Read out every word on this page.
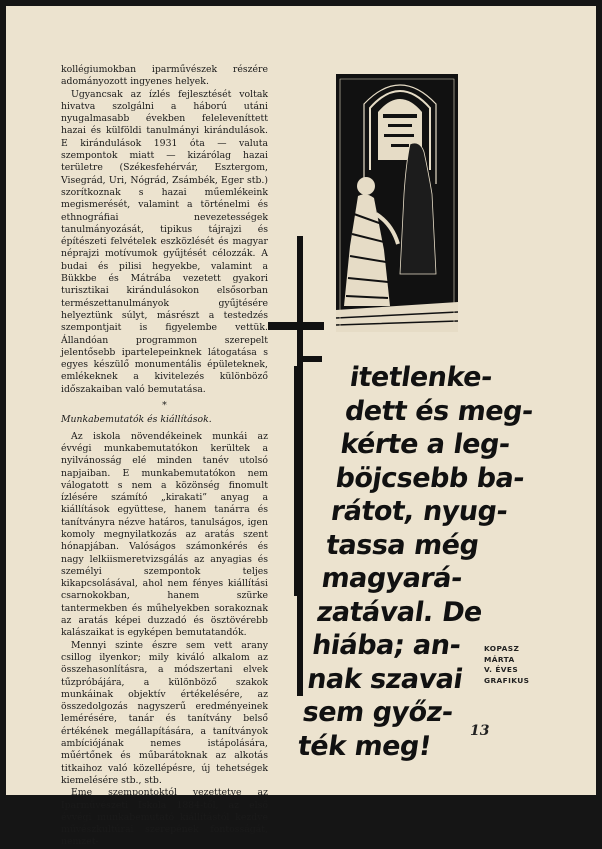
kollégiumokban iparművészek részére adományozott ingyenes helyek.

Ugyancsak az ízlés fejlesztését voltak hivatva szolgálni a háború utáni nyugalmasabb években feleleveníttett hazai és külföldi tanulmányi kirándulások. E kirándulások 1931 óta — valuta szempontok miatt — kizárólag hazai területre (Székesfehérvár, Esztergom, Visegrád, Uri, Nógrád, Zsámbék, Eger stb.) szorítkoznak s hazai műemlékeink megismerését, valamint a történelmi és ethnográfiai nevezetességek tanulmányozását, tipikus tájrajzi és építészeti felvételek eszközlését és magyar néprajzi motívumok gyűjtését célozzák. A budai és pilisi hegyekbe, valamint a Bükkbe és Mátrába vezetett gyakori turisztikai kirándulásokon elsősorban természettanulmányok gyűjtésére helyeztünk súlyt, másrészt a testedzés szempontjait is figyelembe vettük. Állandóan programmon szerepelt jelentősebb ipartelepeinknek látogatása s egyes készülő monumentális épületeknek, emlékeknek a kivitelezés különböző időszakaiban való bemutatása.

*

Munkabemutatók és kiállítások.

Az iskola növendékeinek munkái az évvégi munkabemutatókon kerültek a nyilvánosság elé minden tanév utolsó napjaiban. E munkabemutatókon nem válogatott s nem a közönség finomult ízlésére számító „kirakati” anyag a kiállítások együttese, hanem tanárra és tanítványra nézve határos, tanulságos, igen komoly megnyilatkozás az aratás szent hónapjában. Valóságos számonkérés és nagy lelkiismeretvizsgálás az anyagias és személyi szempontok teljes kikapcsolásával, ahol nem fényes kiállítási csarnokokban, hanem szürke tantermekben és műhelyekben sorakoznak az aratás képei duzzadó és ösztövérebb kalászaikat is egyképen bemutatandók.

Mennyi szinte észre sem vett arany csillog ilyenkor; mily kiváló alkalom az összehasonlításra, a módszertani elvek tűzpróbájára, a különböző szakok munkáinak objektív értékelésére, az összedolgozás nagyszerű eredményeinek lemérésére, tanár és tanítvány belső értékének megállapítására, a tanítványok ambíciójának nemes istápolására, műértőnek és műbarátoknak az alkotás titkaihoz való közellépésre, új tehetségek kiemelésére stb., stb.

Eme szempontoktól vezettetve az Iparművészeti Iskola 1884-től, az első évvégi munkabemutató kiállítástól kezdve művészkultúrai szerepének fontosságát, nemzet-

itetlenke-
dett és meg-
kérte a leg-
böjcsebb ba-
rátot, nyug-
tassa még
magyará-
zatával. De
hiába; an-
nak szavai
sem győz-
ték meg!
KOPASZ
MÁRTA
V. ÉVES
GRAFIKUS
13
